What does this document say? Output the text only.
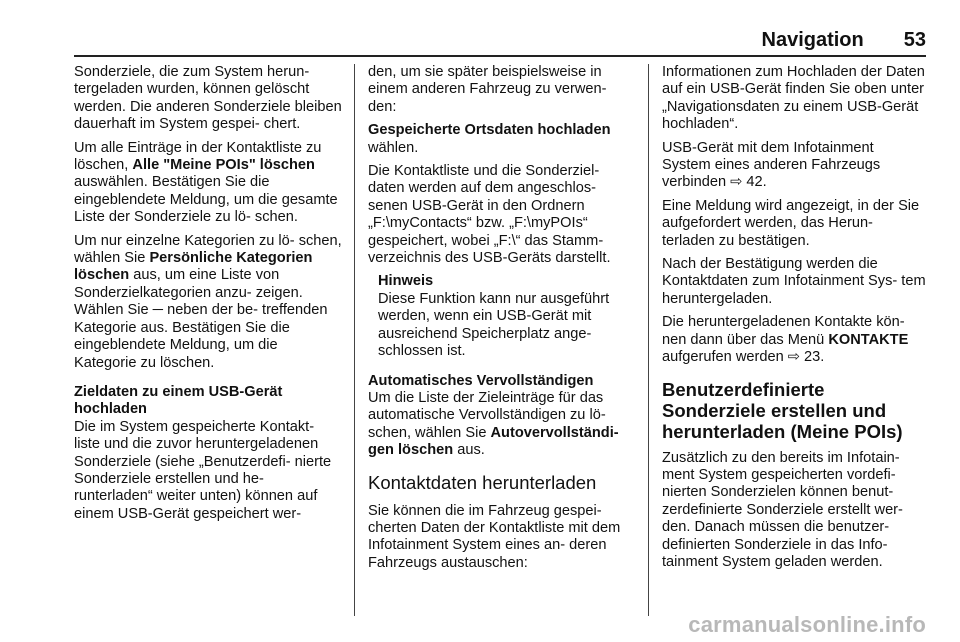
Navigation 53

Sonderziele, die zum System herun- tergeladen wurden, können gelöscht werden. Die anderen Sonderziele bleiben dauerhaft im System gespei- chert.

Um alle Einträge in der Kontaktliste zu löschen, Alle "Meine POIs" löschen auswählen. Bestätigen Sie die eingeblendete Meldung, um die gesamte Liste der Sonderziele zu lö- schen.

Um nur einzelne Kategorien zu lö- schen, wählen Sie Persönliche Kategorien löschen aus, um eine Liste von Sonderzielkategorien anzu- zeigen. Wählen Sie ─ neben der be- treffenden Kategorie aus. Bestätigen Sie die eingeblendete Meldung, um die Kategorie zu löschen.

Zieldaten zu einem USB-Gerät hochladen

Die im System gespeicherte Kontakt- liste und die zuvor heruntergeladenen Sonderziele (siehe „Benutzerdefi- nierte Sonderziele erstellen und he- runterladen“ weiter unten) können auf einem USB-Gerät gespeichert wer-

den, um sie später beispielsweise in einem anderen Fahrzeug zu verwen- den:

Gespeicherte Ortsdaten hochladen
wählen.

Die Kontaktliste und die Sonderziel- daten werden auf dem angeschlos- senen USB-Gerät in den Ordnern „F:\myContacts“ bzw. „F:\myPOIs“ gespeichert, wobei „F:\“ das Stamm- verzeichnis des USB-Geräts darstellt.

Hinweis
Diese Funktion kann nur ausgeführt werden, wenn ein USB-Gerät mit ausreichend Speicherplatz ange- schlossen ist.
Automatisches Vervollständigen

Um die Liste der Zieleinträge für das automatische Vervollständigen zu lö- schen, wählen Sie Autovervollständi- gen löschen aus.

Kontaktdaten herunterladen

Sie können die im Fahrzeug gespei- cherten Daten der Kontaktliste mit dem Infotainment System eines an- deren Fahrzeugs austauschen:

Informationen zum Hochladen der Daten auf ein USB-Gerät finden Sie oben unter „Navigationsdaten zu einem USB-Gerät hochladen“.

USB-Gerät mit dem Infotainment System eines anderen Fahrzeugs verbinden ⇨ 42.

Eine Meldung wird angezeigt, in der Sie aufgefordert werden, das Herun- terladen zu bestätigen.

Nach der Bestätigung werden die Kontaktdaten zum Infotainment Sys- tem heruntergeladen.

Die heruntergeladenen Kontakte kön- nen dann über das Menü KONTAKTE aufgerufen werden ⇨ 23.

Benutzerdefinierte Sonderziele erstellen und herunterladen (Meine POIs)

Zusätzlich zu den bereits im Infotain- ment System gespeicherten vordefi- nierten Sonderzielen können benut- zerdefinierte Sonderziele erstellt wer- den. Danach müssen die benutzer- definierten Sonderziele in das Info- tainment System geladen werden.

carmanualsonline.info
